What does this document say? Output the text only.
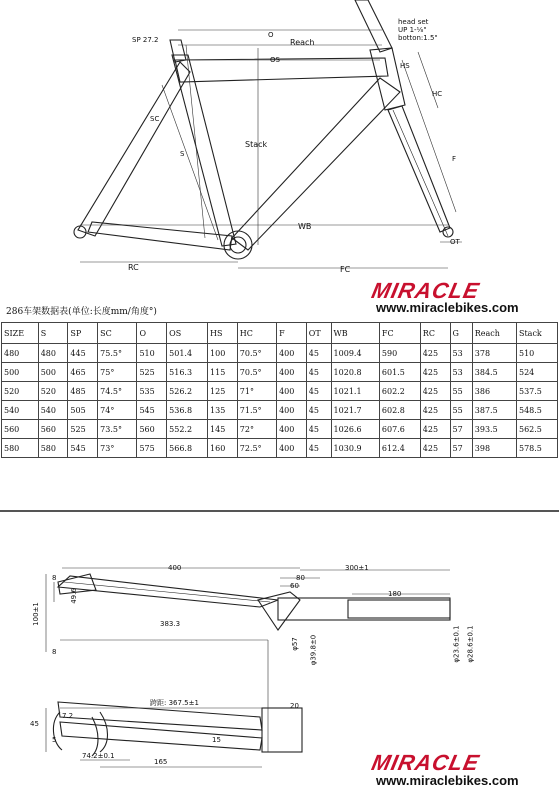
SP 27.2
O
Reach
OS
head set
UP 1-⅛"
botton:1.5"
HS
HC
Stack
S
SC
F
WB
OT
RC	FC
MIRACLE
www.miraclebikes.com
286车架数据表(单位:长度mm/角度°)
SIZE	S	SP	SC	O	OS	HS	HC	F	OT	WB	FC	RC	G	Reach	Stack
480	480	445	75.5°	510	501.4	100	70.5°	400	45	1009.4	590	425	53	378	510
500	500	465	75°	525	516.3	115	70.5°	400	45	1020.8	601.5	425	53	384.5	524
520	520	485	74.5°	535	526.2	125	71°	400	45	1021.1	602.2	425	55	386	537.5
540	540	505	74°	545	536.8	135	71.5°	400	45	1021.7	602.8	425	55	387.5	548.5
560	560	525	73.5°	560	552.2	145	72°	400	45	1026.6	607.6	425	57	393.5	562.5
580	580	545	73°	575	566.8	160	72.5°	400	45	1030.9	612.4	425	57	398	578.5
400	300±1
180
80
60
49.6
100±1
8
8
383.3
φ57 φ39.8±0	φ23.6±0.1 φ28.6±0.1
跨距: 367.5±1	20
45
5
7.2
74.2±0.1
165
15
MIRACLE
www.miraclebikes.com
